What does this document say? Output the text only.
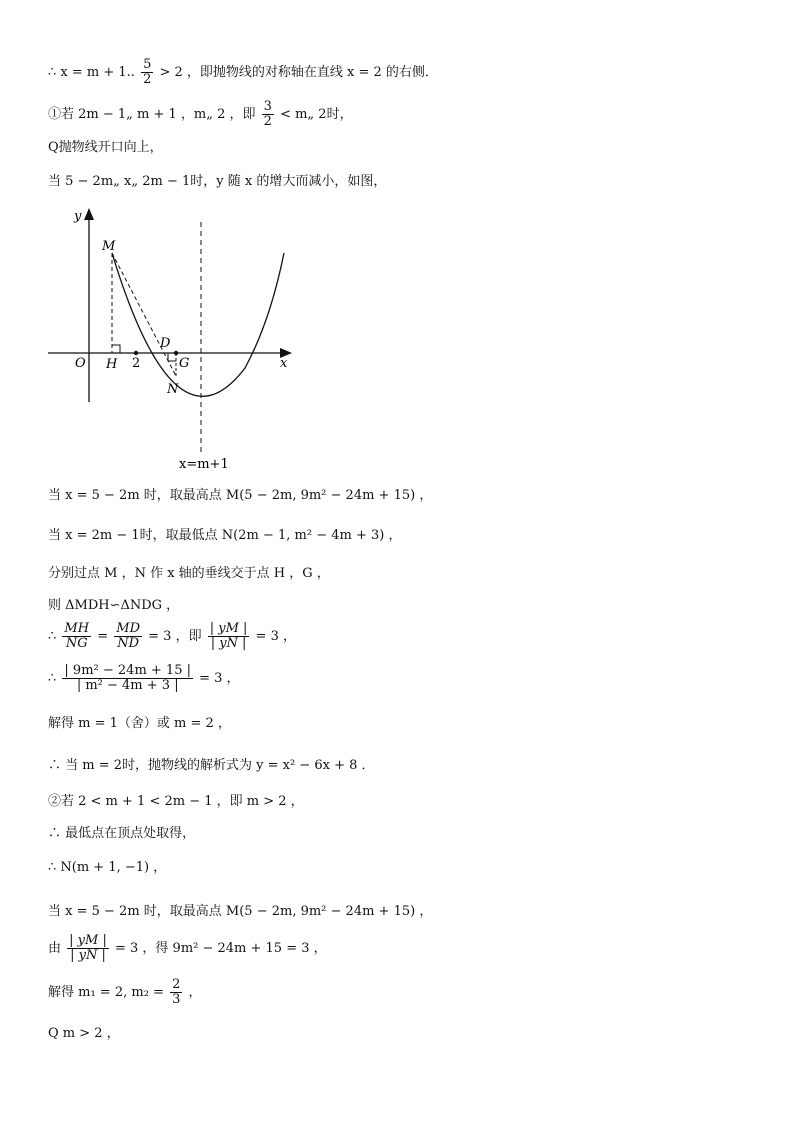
∴ x = m + 1.. $\frac{5}{2} > 2$ ，即抛物线的对称轴在直线 x = 2 的右侧．
①若 2m − 1„ m + 1 ，m„ 2 ，即 $\frac{3}{2}$ < m„ 2时，
Q抛物线开口向上，
当 5 − 2m„ x„ 2m − 1时，y 随 x 的增大而减小，如图，
y
x
O
M
H 2
D
G
N
x=m+1
当 x = 5 − 2m 时，取最高点 M(5 − 2m, 9m² − 24m + 15) ，
当 x = 2m − 1时，取最低点 N(2m − 1, m² − 4m + 3) ，
分别过点 M ，N 作 x 轴的垂线交于点 H ，G ，
则 ΔMDH∽ΔNDG ，
∴ $\frac{MH}{NG} = \frac{MD}{ND} = 3$ ，即 $\frac{| yM |}{| yN |} = 3$ ，
∴ $\frac{\text{| 9m² − 24m + 15 |}}{\text{| m² − 4m + 3 |}} = 3$ ，
解得 m = 1（舍）或 m = 2 ，
∴ 当 m = 2时，抛物线的解析式为 y = x² − 6x + 8 ．
②若 2 < m + 1 < 2m − 1 ，即 m > 2 ，
∴ 最低点在顶点处取得，
∴ N(m + 1, −1) ，
当 x = 5 − 2m 时，取最高点 M(5 − 2m, 9m² − 24m + 15) ，
由 $\frac{| yM |}{| yN |} = 3$ ，得 9m² − 24m + 15 = 3 ，
解得 m₁ = 2, $m_2 = \frac{2}{3}$ ，
Q m > 2 ，
